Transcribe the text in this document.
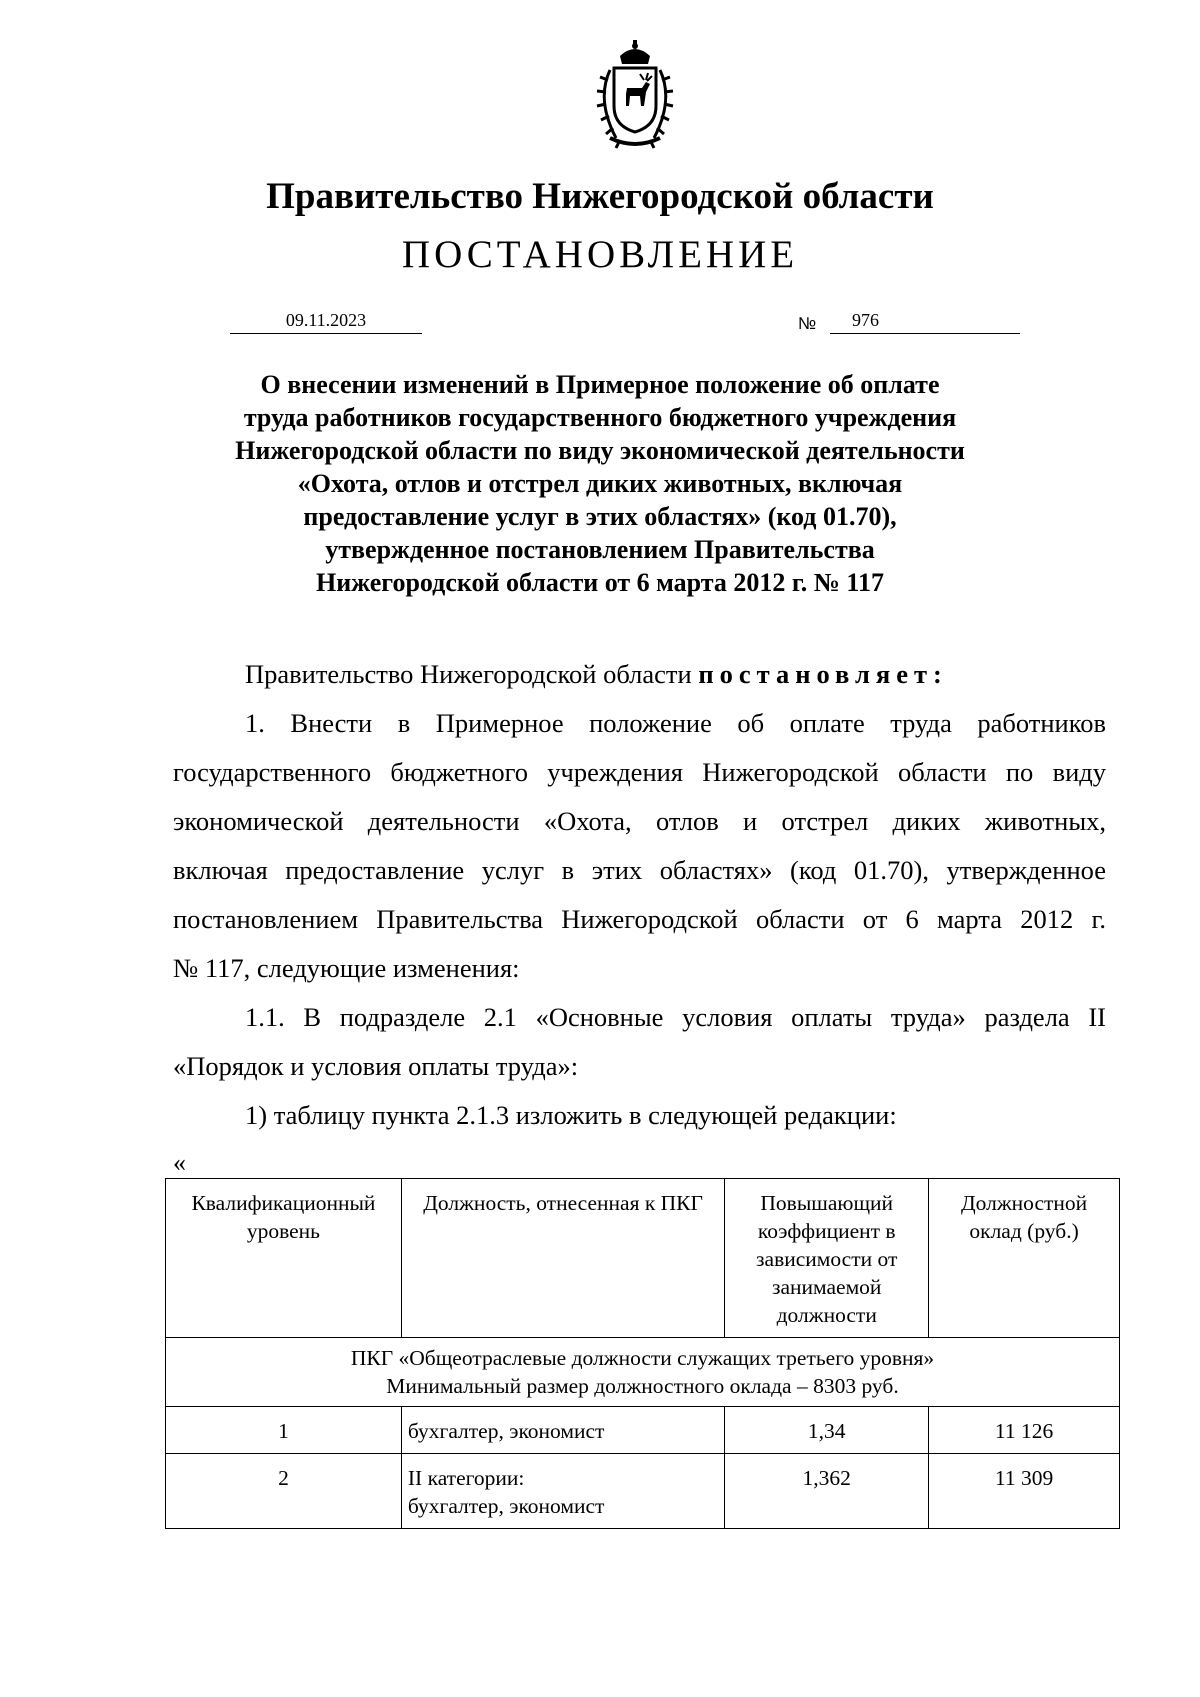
Правительство Нижегородской области
ПОСТАНОВЛЕНИЕ
09.11.2023	№	976
О внесении изменений в Примерное положение об оплате
труда работников государственного бюджетного учреждения
Нижегородской области по виду экономической деятельности
«Охота, отлов и отстрел диких животных, включая
предоставление услуг в этих областях» (код 01.70),
утвержденное постановлением Правительства
Нижегородской области от 6 марта 2012 г. № 117
Правительство Нижегородской области постановляет:
1. Внести в Примерное положение об оплате труда работников
государственного бюджетного учреждения Нижегородской области по виду
экономической деятельности «Охота, отлов и отстрел диких животных,
включая предоставление услуг в этих областях» (код 01.70), утвержденное
постановлением Правительства Нижегородской области от 6 марта 2012 г.
№ 117, следующие изменения:
1.1. В подразделе 2.1 «Основные условия оплаты труда» раздела II
«Порядок и условия оплаты труда»:
1) таблицу пункта 2.1.3 изложить в следующей редакции:
«
Квалификационный уровень	Должность, отнесенная к ПКГ	Повышающий коэффициент в зависимости от занимаемой должности	Должностной оклад (руб.)

ПКГ «Общеотраслевые должности служащих третьего уровня»
Минимальный размер должностного оклада – 8303 руб.			

1	бухгалтер, экономист	1,34	11 126
2	II категории:
бухгалтер, экономист	1,362	11 309
